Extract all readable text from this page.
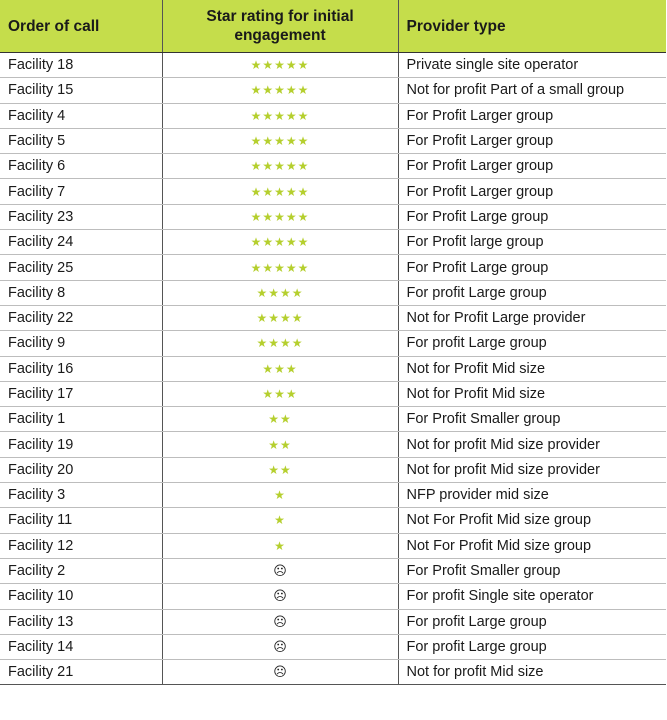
Order of call	Star rating for initial engagement	Provider type
Facility 18	★★★★★	Private single site operator
Facility 15	★★★★★	Not for profit Part of a small group
Facility 4	★★★★★	For Profit Larger group
Facility 5	★★★★★	For Profit Larger group
Facility 6	★★★★★	For Profit Larger group
Facility 7	★★★★★	For Profit Larger group
Facility 23	★★★★★	For Profit Large group
Facility 24	★★★★★	For Profit large group
Facility 25	★★★★★	For Profit Large group
Facility 8	★★★★	For profit Large group
Facility 22	★★★★	Not for Profit Large provider
Facility 9	★★★★	For profit Large group
Facility 16	★★★	Not for Profit Mid size
Facility 17	★★★	Not for Profit Mid size
Facility 1	★★	For Profit Smaller group
Facility 19	★★	Not for profit Mid size provider
Facility 20	★★	Not for profit Mid size provider
Facility 3	★	NFP provider mid size
Facility 11	★	Not For Profit Mid size group
Facility 12	★	Not For Profit Mid size group
Facility 2	☹	For Profit Smaller group
Facility 10	☹	For profit Single site operator
Facility 13	☹	For profit Large group
Facility 14	☹	For profit Large group
Facility 21	☹	Not for profit Mid size
